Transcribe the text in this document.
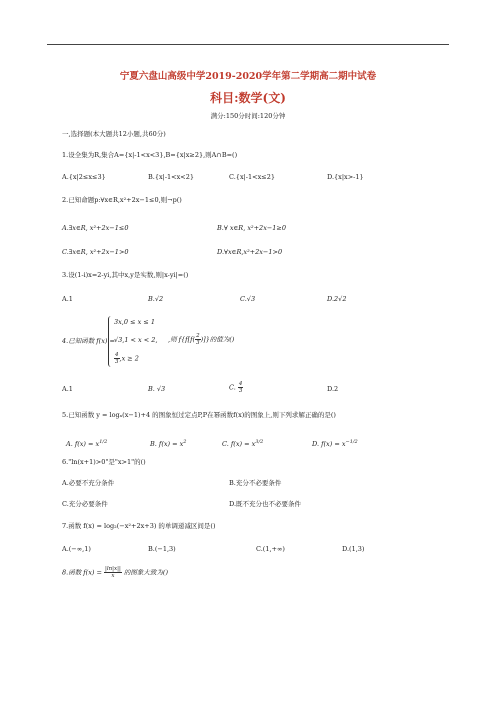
宁夏六盘山高级中学2019-2020学年第二学期高二期中试卷
科目:数学(文)
满分:150分时间:120分钟
一,选择题(本大题共12小题,共60分)
1.设全集为R,集合A={x|-1<x<3},B={x|x≥2},则A∩B=()
A.{x|2≤x≤3}	B.{x|-1<x<2}	C.{x|-1<x≤2}	D.{x|x>-1}
2.已知命题p:∀x∈R,x²+2x−1≤0,则¬p()
A.∃x∈R, x²+2x−1≤0	B.∀ x∈R, x²+2x−1≥0
C.∃x∈R, x²+2x−1>0	D.∀x∈R,x²+2x−1>0
3.设(1-i)x=2-yi,其中x,y是实数,则|x-yi|=()
A.1	B.√2	C.√3	D.2√2
4.已知函数 f(x) =
3x,0 ≤ x ≤ 1
√3,1 < x < 2,
$\frac{4}{3} ,x \ge 2$
,则 $f\{f[f( \frac{2}{3}$ )]}的值为()
A.1	B. √3	C. $\frac{4}{3}$	D.2
5.已知函数 y = logₐ(x−1)+4 的图象恒过定点P,P在幂函数f(x)的图象上,则下列求解正确的是()
A. $f(x) = x^{1/2}$	B. $f(x) = x^2$	C. $f(x) = x^{3/2}$	D. $f(x) = x^{-1/2}$
6."ln(x+1)>0"是"x>1"的()
A.必要不充分条件	B.充分不必要条件
C.充分必要条件	D.既不充分也不必要条件
7.函数 f(x) = log₂(−x²+2x+3) 的单调递减区间是()
A.(−∞,1)	B.(−1,3)	C.(1,+∞)	D.(1,3)
8.函数 $f(x) = \frac{|\ln|x||}{x}$ 的图象大致为()
